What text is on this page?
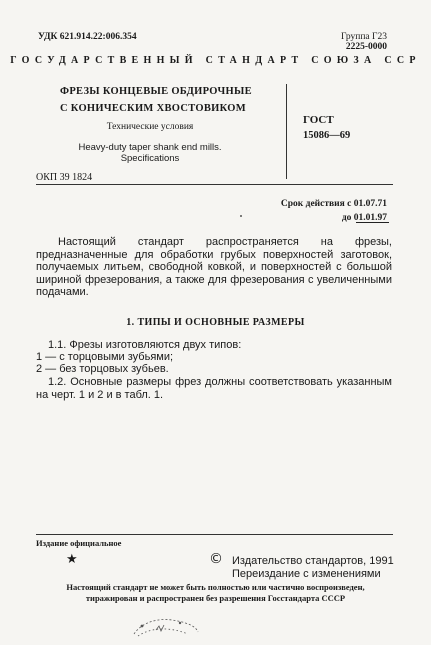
УДК 621.914.22:006.354	Группа Г23
2225-0000
ГОСУДАРСТВЕННЫЙ СТАНДАРТ СОЮЗА ССР
ФРЕЗЫ КОНЦЕВЫЕ ОБДИРОЧНЫЕ
С КОНИЧЕСКИМ ХВОСТОВИКОМ
Технические условия
Heavy-duty taper shank end mills.
Specifications
ГОСТ
15086—69
ОКП 39 1824
Срок действия с 01.07.71
до 01.01.97
Настоящий стандарт распространяется на фрезы, предназначенные для обработки грубых поверхностей заготовок, получаемых литьем, свободной ковкой, и поверхностей с большой шириной фрезерования, а также для фрезерования с увеличенными подачами.
1. ТИПЫ И ОСНОВНЫЕ РАЗМЕРЫ
1.1. Фрезы изготовляются двух типов:
1 — с торцовыми зубьями;
2 — без торцовых зубьев.
1.2. Основные размеры фрез должны соответствовать указанным на черт. 1 и 2 и в табл. 1.
Издание официальное
★	© Издательство стандартов, 1991
Переиздание с изменениями
Настоящий стандарт не может быть полностью или частично воспроизведен,
тиражирован и распространен без разрешения Госстандарта СССР
